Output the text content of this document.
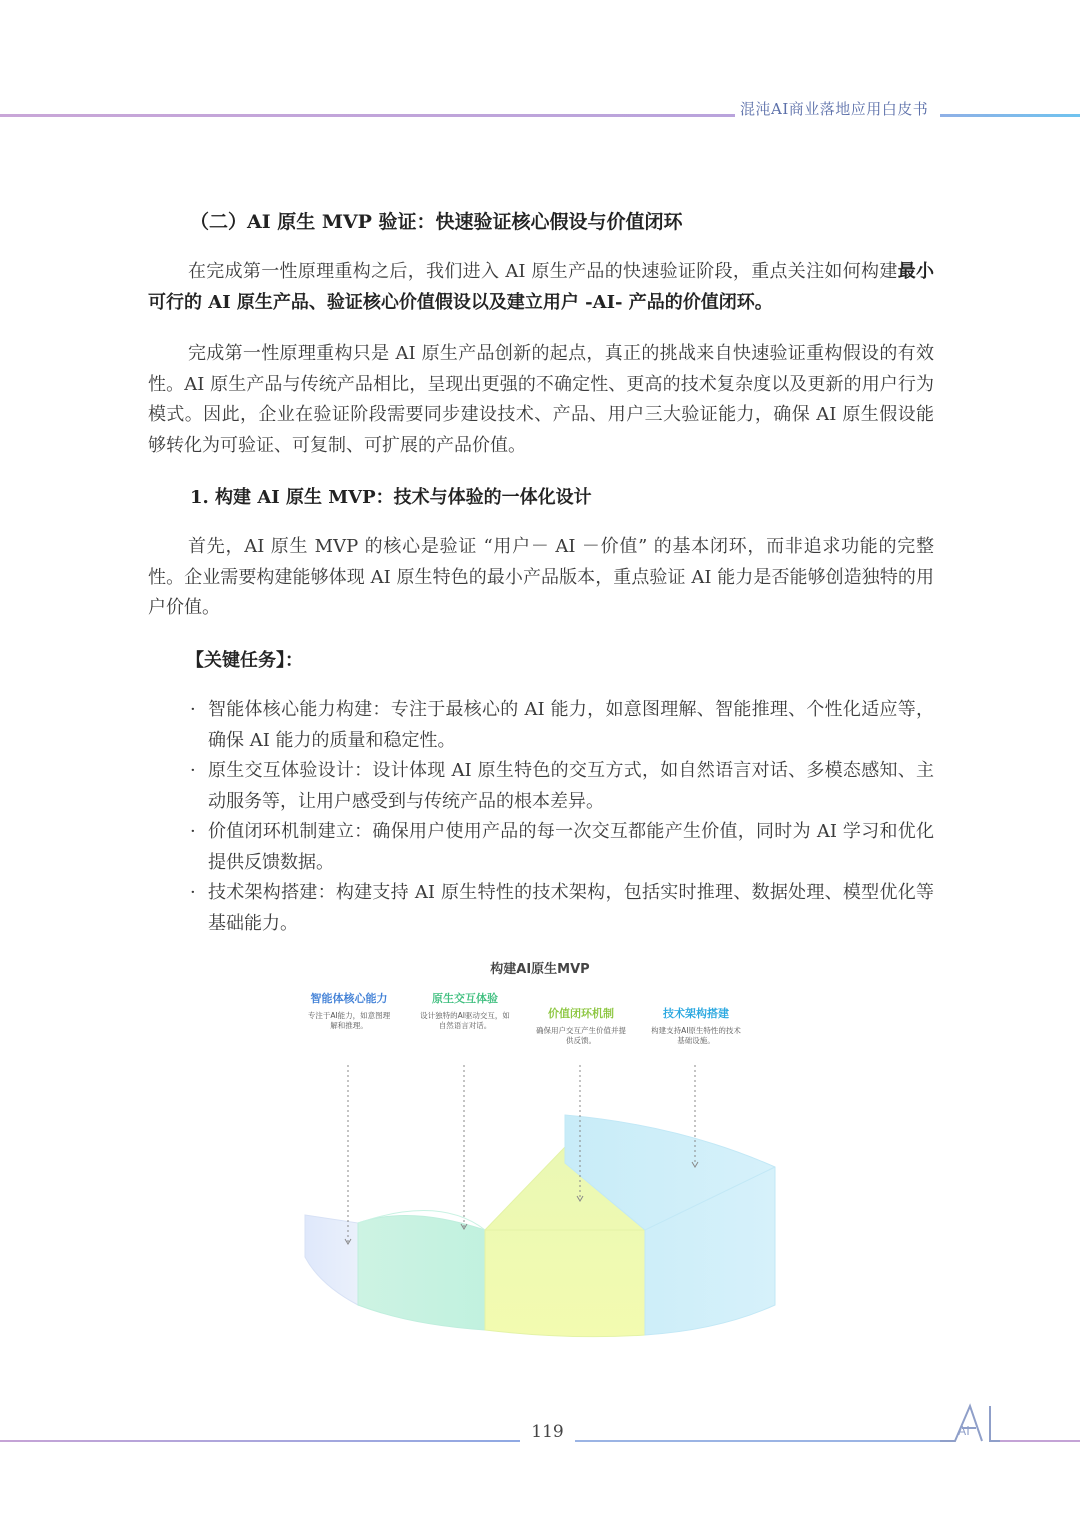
混沌AI商业落地应用白皮书
（二）AI 原生 MVP 验证：快速验证核心假设与价值闭环

在完成第一性原理重构之后，我们进入 AI 原生产品的快速验证阶段，重点关注如何构建最小可行的 AI 原生产品、验证核心价值假设以及建立用户 -AI- 产品的价值闭环。

完成第一性原理重构只是 AI 原生产品创新的起点，真正的挑战来自快速验证重构假设的有效性。AI 原生产品与传统产品相比，呈现出更强的不确定性、更高的技术复杂度以及更新的用户行为模式。因此，企业在验证阶段需要同步建设技术、产品、用户三大验证能力，确保 AI 原生假设能够转化为可验证、可复制、可扩展的产品价值。

1. 构建 AI 原生 MVP：技术与体验的一体化设计

首先，AI 原生 MVP 的核心是验证 “用户－ AI －价值” 的基本闭环，而非追求功能的完整性。企业需要构建能够体现 AI 原生特色的最小产品版本，重点验证 AI 能力是否能够创造独特的用户价值。

【关键任务】：
· 智能体核心能力构建：专注于最核心的 AI 能力，如意图理解、智能推理、个性化适应等，确保 AI 能力的质量和稳定性。
· 原生交互体验设计：设计体现 AI 原生特色的交互方式，如自然语言对话、多模态感知、主动服务等，让用户感受到与传统产品的根本差异。
· 价值闭环机制建立：确保用户使用产品的每一次交互都能产生价值，同时为 AI 学习和优化提供反馈数据。
· 技术架构搭建：构建支持 AI 原生特性的技术架构，包括实时推理、数据处理、模型优化等基础能力。
构建AI原生MVP
智能体核心能力
专注于AI能力，如意图理解和推理。
原生交互体验
设计独特的AI驱动交互，如自然语言对话。
价值闭环机制
确保用户交互产生价值并提供反馈。
技术架构搭建
构建支持AI原生特性的技术基础设施。
119	AI
